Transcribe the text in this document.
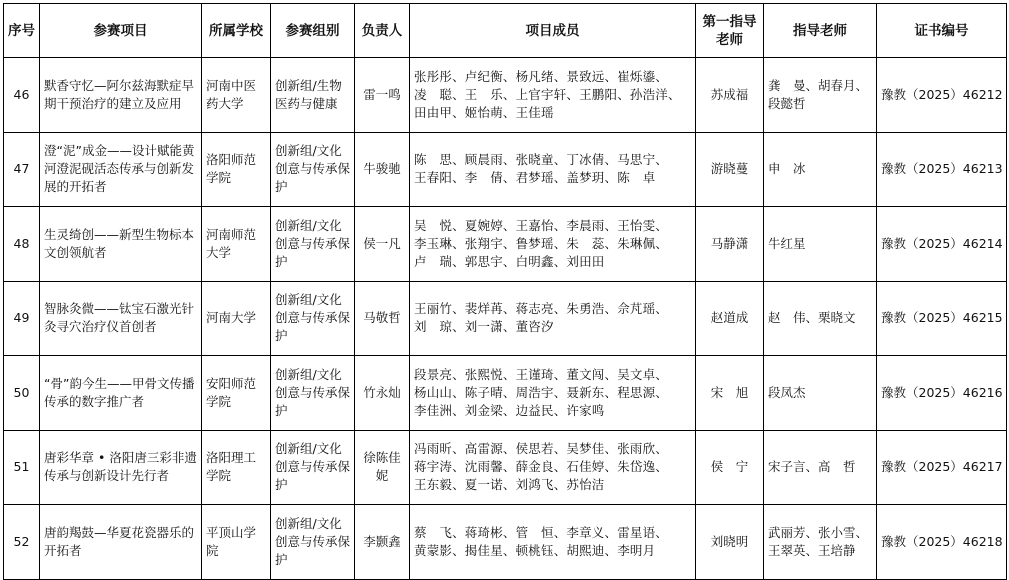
序号	参赛项目	所属学校	参赛组别	负责人	项目成员	第一指导老师	指导老师	证书编号
46	默香守忆—阿尔兹海默症早期干预治疗的建立及应用	河南中医药大学	创新组/生物医药与健康	雷一鸣	张彤彤、卢纪衡、杨凡绪、景致远、崔烁鎏、
凌　聪、王　乐、上官宇轩、王鹏阳、孙浩洋、
田由甲、姬怡萌、王佳瑶	苏成福	龚　曼、胡春月、段懿哲	豫教（2025）46212
47	澄“泥”成金——设计赋能黄河澄泥砚活态传承与创新发展的开拓者	洛阳师范学院	创新组/文化创意与传承保护	牛骏驰	陈　思、顾晨雨、张晓童、丁冰倩、马思宁、
王春阳、李　倩、君梦瑶、盖梦玥、陈　卓	游晓蔓	申　冰	豫教（2025）46213
48	生灵绮创——新型生物标本文创领航者	河南师范大学	创新组/文化创意与传承保护	侯一凡	吴　悦、夏婉婷、王嘉怡、李晨雨、王怡雯、
李玉琳、张翔宇、鲁梦瑶、朱　蕊、朱琳佩、
卢　瑞、郭思宇、白明鑫、刘田田	马静潇	牛红星	豫教（2025）46214
49	智脉灸微——钛宝石激光针灸寻穴治疗仪首创者	河南大学	创新组/文化创意与传承保护	马敬哲	王丽竹、裴烊苒、蒋志亮、朱勇浩、佘芃瑶、
刘　琼、刘一潇、董咨汐	赵道成	赵　伟、栗晓文	豫教（2025）46215
50	“骨”韵今生——甲骨文传播传承的数字推广者	安阳师范学院	创新组/文化创意与传承保护	竹永灿	段景亮、张熙悦、王谨琦、董文闯、吴文卓、
杨山山、陈子晴、周浩宇、聂新东、程思源、
李佳洲、刘金梁、边益民、许家鸣	宋　旭	段凤杰	豫教（2025）46216
51	唐彩华章 • 洛阳唐三彩非遗传承与创新设计先行者	洛阳理工学院	创新组/文化创意与传承保护	徐陈佳妮	冯雨昕、高雷源、侯思若、吴梦佳、张雨欣、
蒋宇涛、沈雨馨、薛金良、石佳婷、朱岱逸、
王东毅、夏一诺、刘鸿飞、苏怡洁	侯　宁	宋子言、高　哲	豫教（2025）46217
52	唐韵羯鼓—华夏花瓷器乐的开拓者	平顶山学院	创新组/文化创意与传承保护	李颢錱	蔡　飞、蒋琦彬、管　恒、李章义、雷星语、
黄蒙影、揭佳星、顿桃钰、胡熙迪、李明月	刘晓明	武丽芳、张小雪、王翠英、王培静	豫教（2025）46218
